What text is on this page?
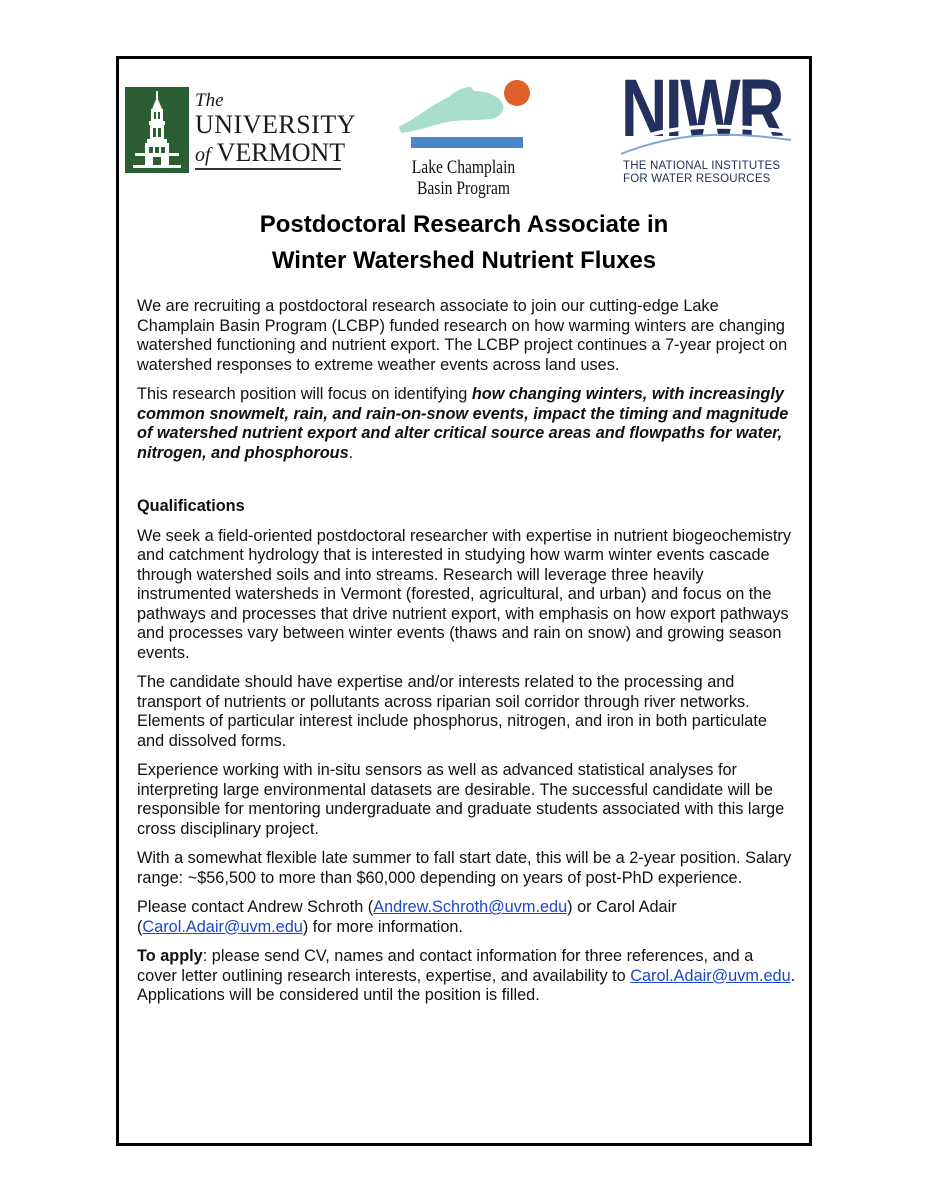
The
UNIVERSITY
of VERMONT
Lake Champlain
Basin Program
NIWR
THE NATIONAL INSTITUTES
FOR WATER RESOURCES
Postdoctoral Research Associate in
Winter Watershed Nutrient Fluxes

We are recruiting a postdoctoral research associate to join our cutting-edge Lake Champlain Basin Program (LCBP) funded research on how warming winters are changing watershed functioning and nutrient export. The LCBP project continues a 7-year project on watershed responses to extreme weather events across land uses.

This research position will focus on identifying how changing winters, with increasingly common snowmelt, rain, and rain-on-snow events, impact the timing and magnitude of watershed nutrient export and alter critical source areas and flowpaths for water, nitrogen, and phosphorous.

Qualifications

We seek a field-oriented postdoctoral researcher with expertise in nutrient biogeochemistry and catchment hydrology that is interested in studying how warm winter events cascade through watershed soils and into streams. Research will leverage three heavily instrumented watersheds in Vermont (forested, agricultural, and urban) and focus on the pathways and processes that drive nutrient export, with emphasis on how export pathways and processes vary between winter events (thaws and rain on snow) and growing season events.

The candidate should have expertise and/or interests related to the processing and transport of nutrients or pollutants across riparian soil corridor through river networks. Elements of particular interest include phosphorus, nitrogen, and iron in both particulate and dissolved forms.

Experience working with in-situ sensors as well as advanced statistical analyses for interpreting large environmental datasets are desirable. The successful candidate will be responsible for mentoring undergraduate and graduate students associated with this large cross disciplinary project.

With a somewhat flexible late summer to fall start date, this will be a 2-year position. Salary range: ~$56,500 to more than $60,000 depending on years of post-PhD experience.

Please contact Andrew Schroth (Andrew.Schroth@uvm.edu) or Carol Adair (Carol.Adair@uvm.edu) for more information.

To apply: please send CV, names and contact information for three references, and a cover letter outlining research interests, expertise, and availability to Carol.Adair@uvm.edu. Applications will be considered until the position is filled.
